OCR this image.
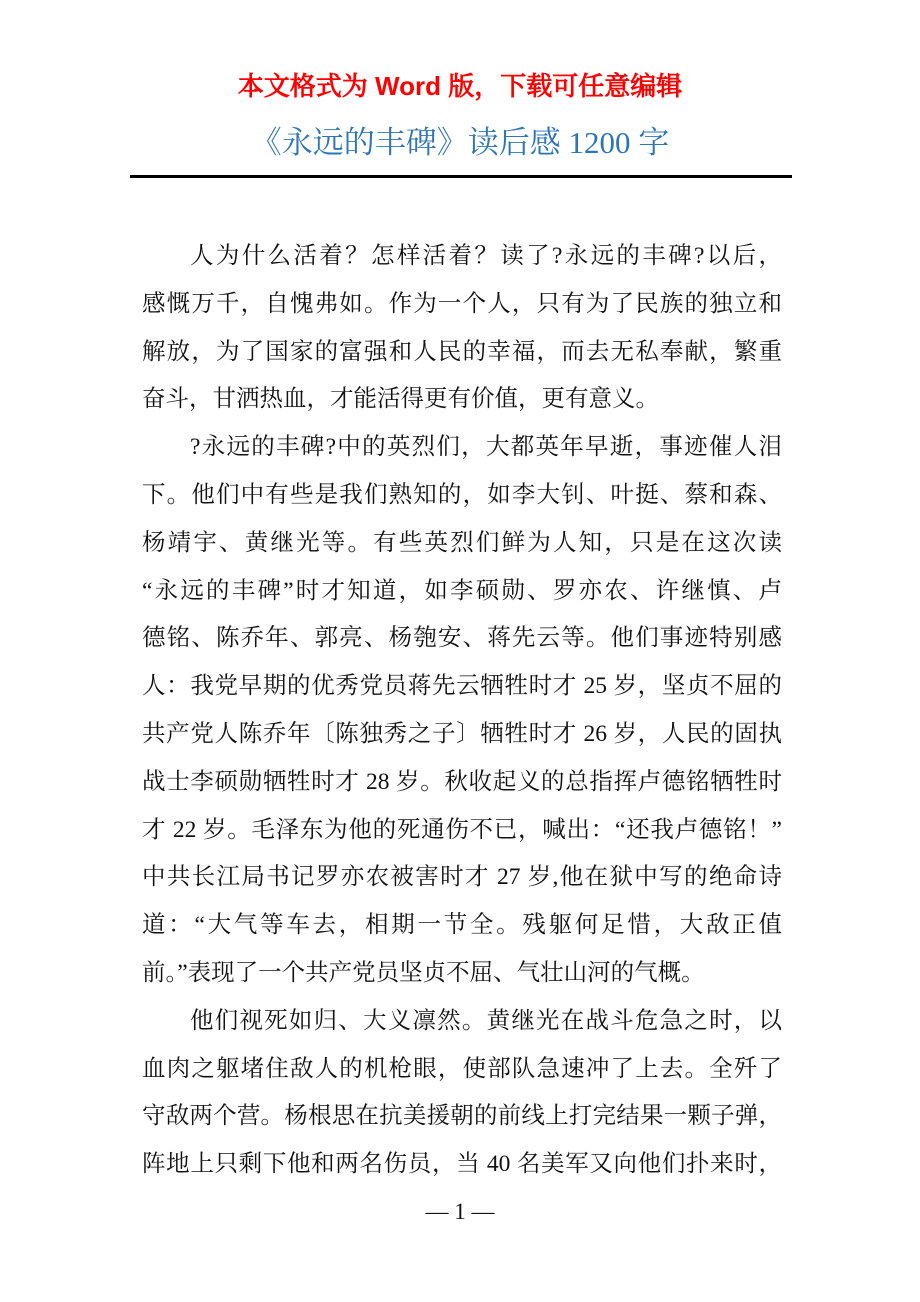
本文格式为 Word 版，下载可任意编辑
《永远的丰碑》读后感 1200 字
人为什么活着？怎样活着？读了?永远的丰碑?以后，
感慨万千，自愧弗如。作为一个人，只有为了民族的独立和
解放，为了国家的富强和人民的幸福，而去无私奉献，繁重
奋斗，甘洒热血，才能活得更有价值，更有意义。
?永远的丰碑?中的英烈们，大都英年早逝，事迹催人泪
下。他们中有些是我们熟知的，如李大钊、叶挺、蔡和森、
杨靖宇、黄继光等。有些英烈们鲜为人知，只是在这次读
“永远的丰碑”时才知道，如李硕勋、罗亦农、许继慎、卢
德铭、陈乔年、郭亮、杨匏安、蒋先云等。他们事迹特别感
人：我党早期的优秀党员蒋先云牺牲时才 25 岁，坚贞不屈的
共产党人陈乔年〔陈独秀之子〕牺牲时才 26 岁，人民的固执
战士李硕勋牺牲时才 28 岁。秋收起义的总指挥卢德铭牺牲时
才 22 岁。毛泽东为他的死通伤不已，喊出：“还我卢德铭！”
中共长江局书记罗亦农被害时才 27 岁,他在狱中写的绝命诗
道：“大气等车去，相期一节全。残躯何足惜，大敌正值
前。”表现了一个共产党员坚贞不屈、气壮山河的气概。
他们视死如归、大义凛然。黄继光在战斗危急之时，以
血肉之躯堵住敌人的机枪眼，使部队急速冲了上去。全歼了
守敌两个营。杨根思在抗美援朝的前线上打完结果一颗子弹，
阵地上只剩下他和两名伤员，当 40 名美军又向他们扑来时，
— 1 —
